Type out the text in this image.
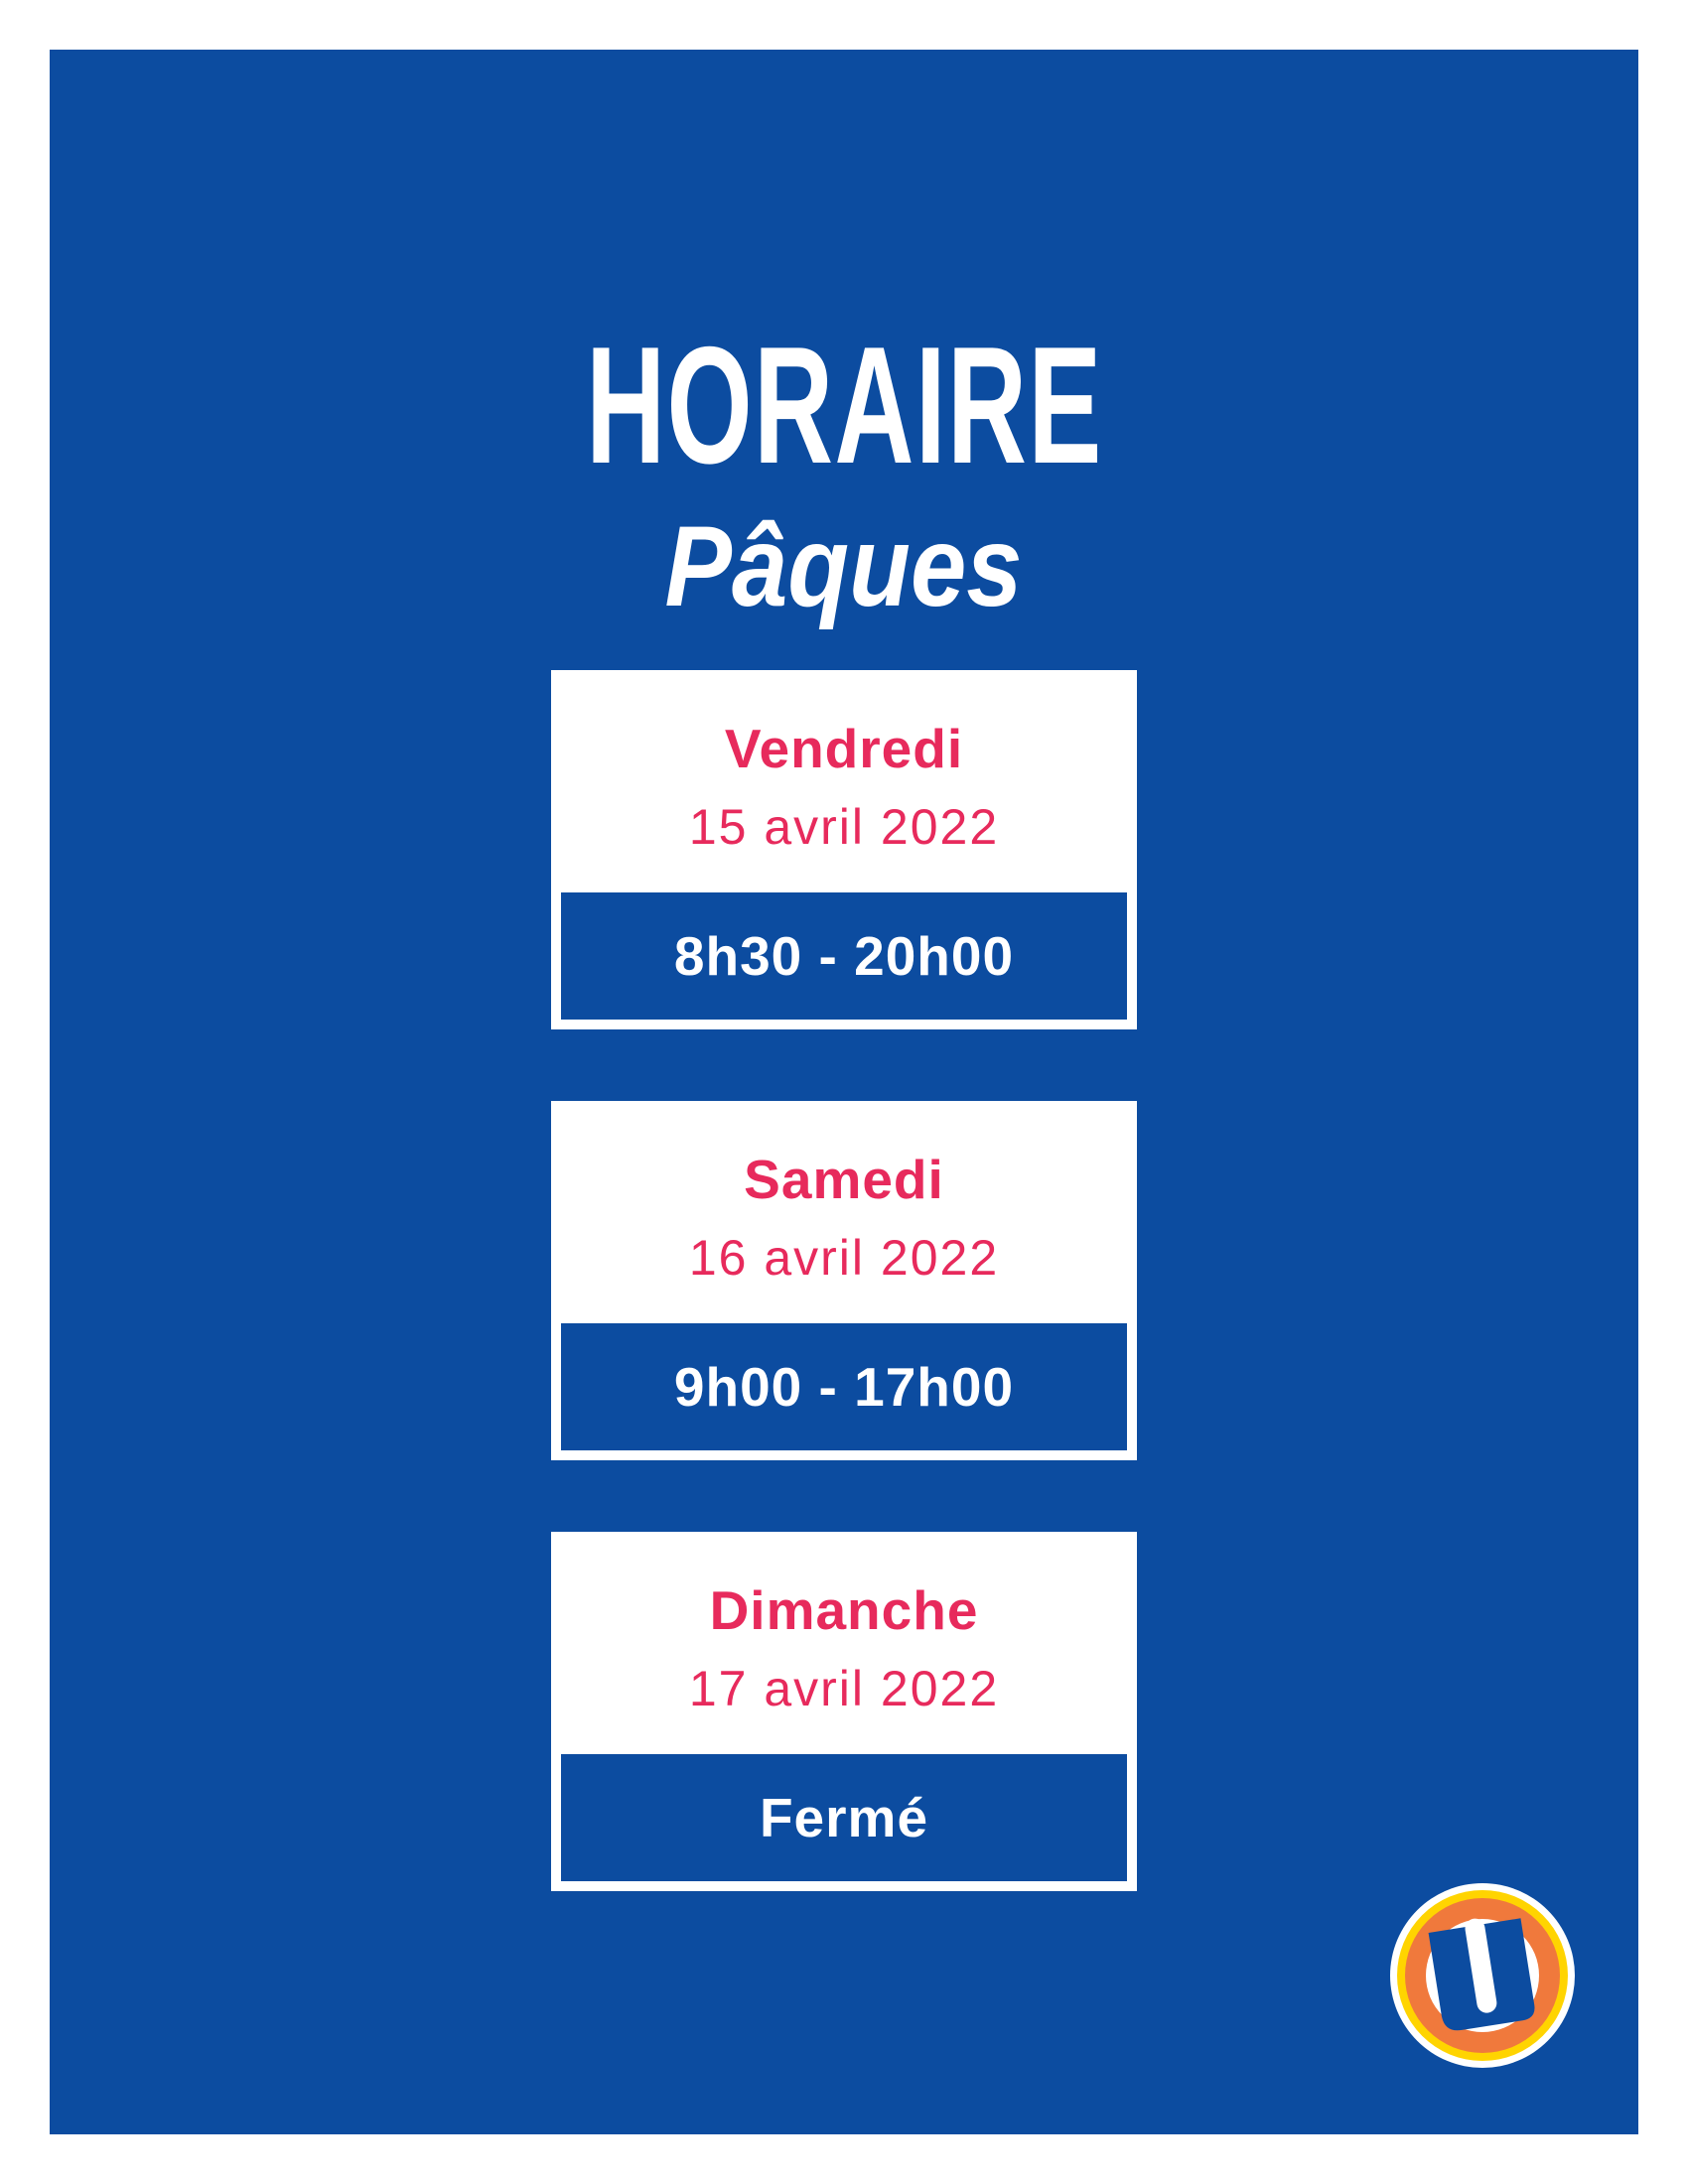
HORAIRE
Pâques
Vendredi
15 avril 2022
8h30 - 20h00
Samedi
16 avril 2022
9h00 - 17h00
Dimanche
17 avril 2022
Fermé
